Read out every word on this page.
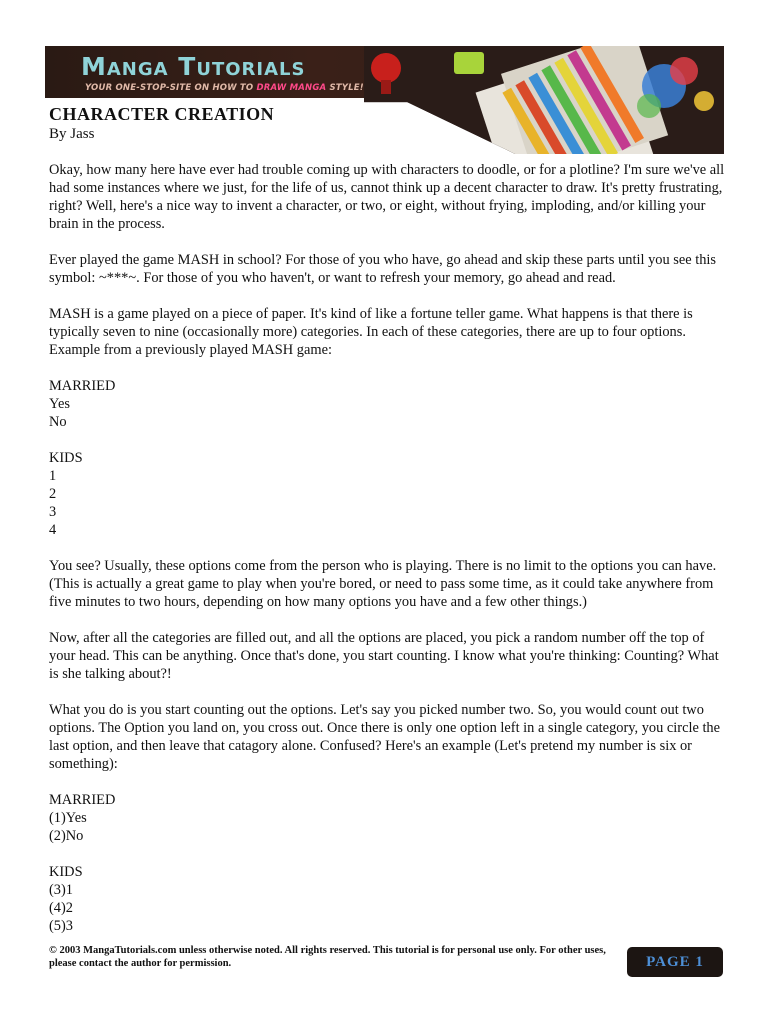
Manga Tutorials
YOUR ONE-STOP-SITE ON HOW TO DRAW MANGA STYLE!
CHARACTER CREATION
By Jass

Okay, how many here have ever had trouble coming up with characters to doodle, or for a plotline? I'm sure we've all had some instances where we just, for the life of us, cannot think up a decent character to draw. It's pretty frustrating, right? Well, here's a nice way to invent a character, or two, or eight, without frying, imploding, and/or killing your brain in the process.

Ever played the game MASH in school? For those of you who have, go ahead and skip these parts until you see this symbol: ~***~. For those of you who haven't, or want to refresh your memory, go ahead and read.

MASH is a game played on a piece of paper. It's kind of like a fortune teller game. What happens is that there is typically seven to nine (occasionally more) categories. In each of these categories, there are up to four options. Example from a previously played MASH game:

MARRIED
Yes
No
KIDS
1
2
3
4

You see? Usually, these options come from the person who is playing. There is no limit to the options you can have. (This is actually a great game to play when you're bored, or need to pass some time, as it could take anywhere from five minutes to two hours, depending on how many options you have and a few other things.)

Now, after all the categories are filled out, and all the options are placed, you pick a random number off the top of your head. This can be anything. Once that's done, you start counting. I know what you're thinking: Counting? What is she talking about?!

What you do is you start counting out the options. Let's say you picked number two. So, you would count out two options. The Option you land on, you cross out. Once there is only one option left in a single category, you circle the last option, and then leave that catagory alone. Confused? Here's an example (Let's pretend my number is six or something):

MARRIED
(1)Yes
(2)No
KIDS
(3)1
(4)2
(5)3
© 2003 MangaTutorials.com unless otherwise noted. All rights reserved. This tutorial is for personal use only. For other uses, please contact the author for permission.	PAGE 1
